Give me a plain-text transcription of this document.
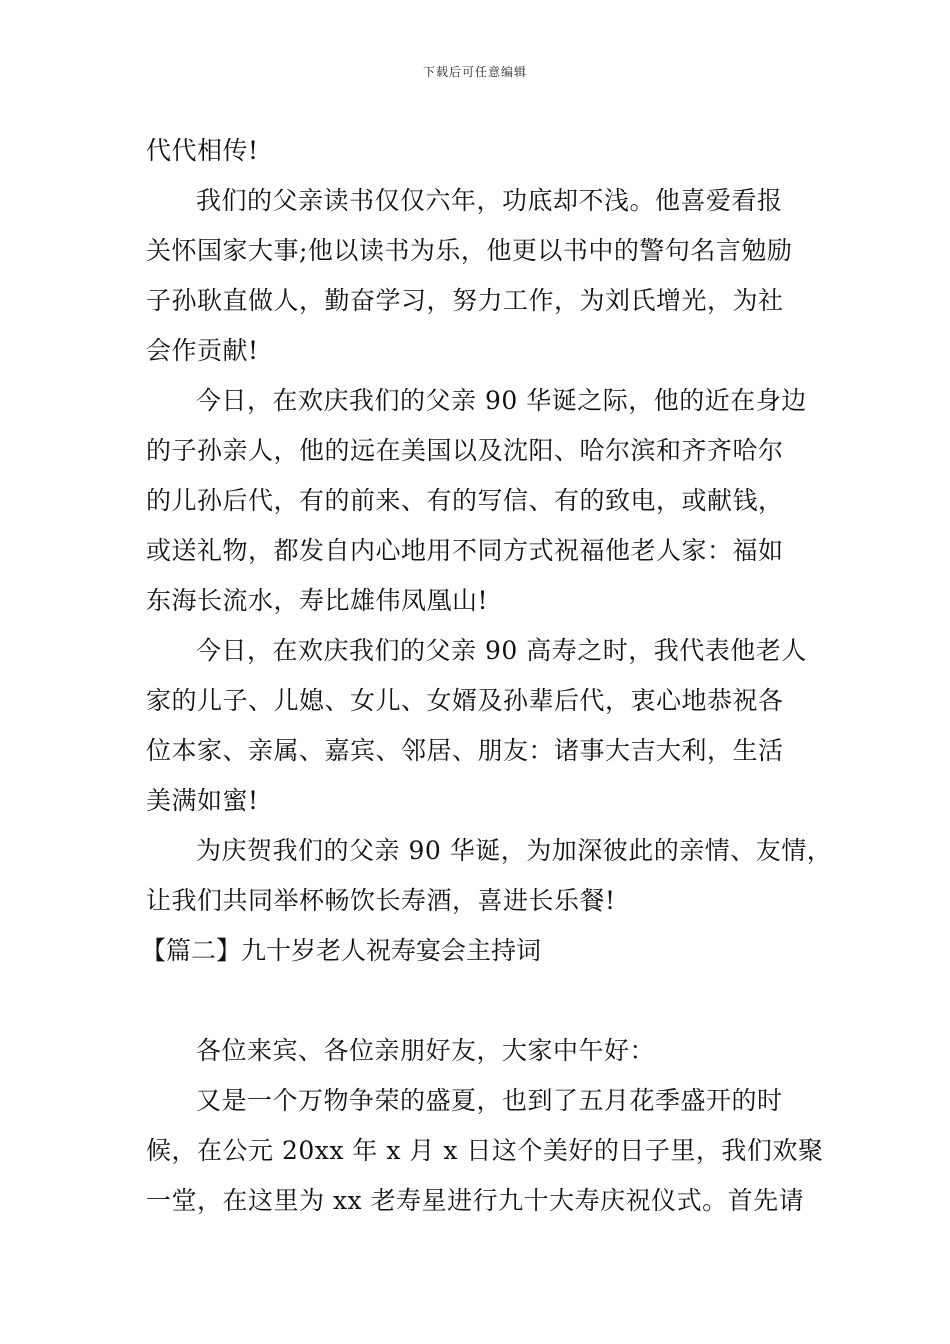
下载后可任意编辑
代代相传!
我们的父亲读书仅仅六年，功底却不浅。他喜爱看报
关怀国家大事;他以读书为乐，他更以书中的警句名言勉励
子孙耿直做人，勤奋学习，努力工作，为刘氏增光，为社
会作贡献!
今日，在欢庆我们的父亲 90 华诞之际，他的近在身边
的子孙亲人，他的远在美国以及沈阳、哈尔滨和齐齐哈尔
的儿孙后代，有的前来、有的写信、有的致电，或献钱，
或送礼物，都发自内心地用不同方式祝福他老人家：福如
东海长流水，寿比雄伟凤凰山!
今日，在欢庆我们的父亲 90 高寿之时，我代表他老人
家的儿子、儿媳、女儿、女婿及孙辈后代，衷心地恭祝各
位本家、亲属、嘉宾、邻居、朋友：诸事大吉大利，生活
美满如蜜!
为庆贺我们的父亲 90 华诞，为加深彼此的亲情、友情，
让我们共同举杯畅饮长寿酒，喜进长乐餐!
【篇二】九十岁老人祝寿宴会主持词
各位来宾、各位亲朋好友，大家中午好：
又是一个万物争荣的盛夏，也到了五月花季盛开的时
候，在公元 20xx 年 x 月 x 日这个美好的日子里，我们欢聚
一堂，在这里为 xx 老寿星进行九十大寿庆祝仪式。首先请
